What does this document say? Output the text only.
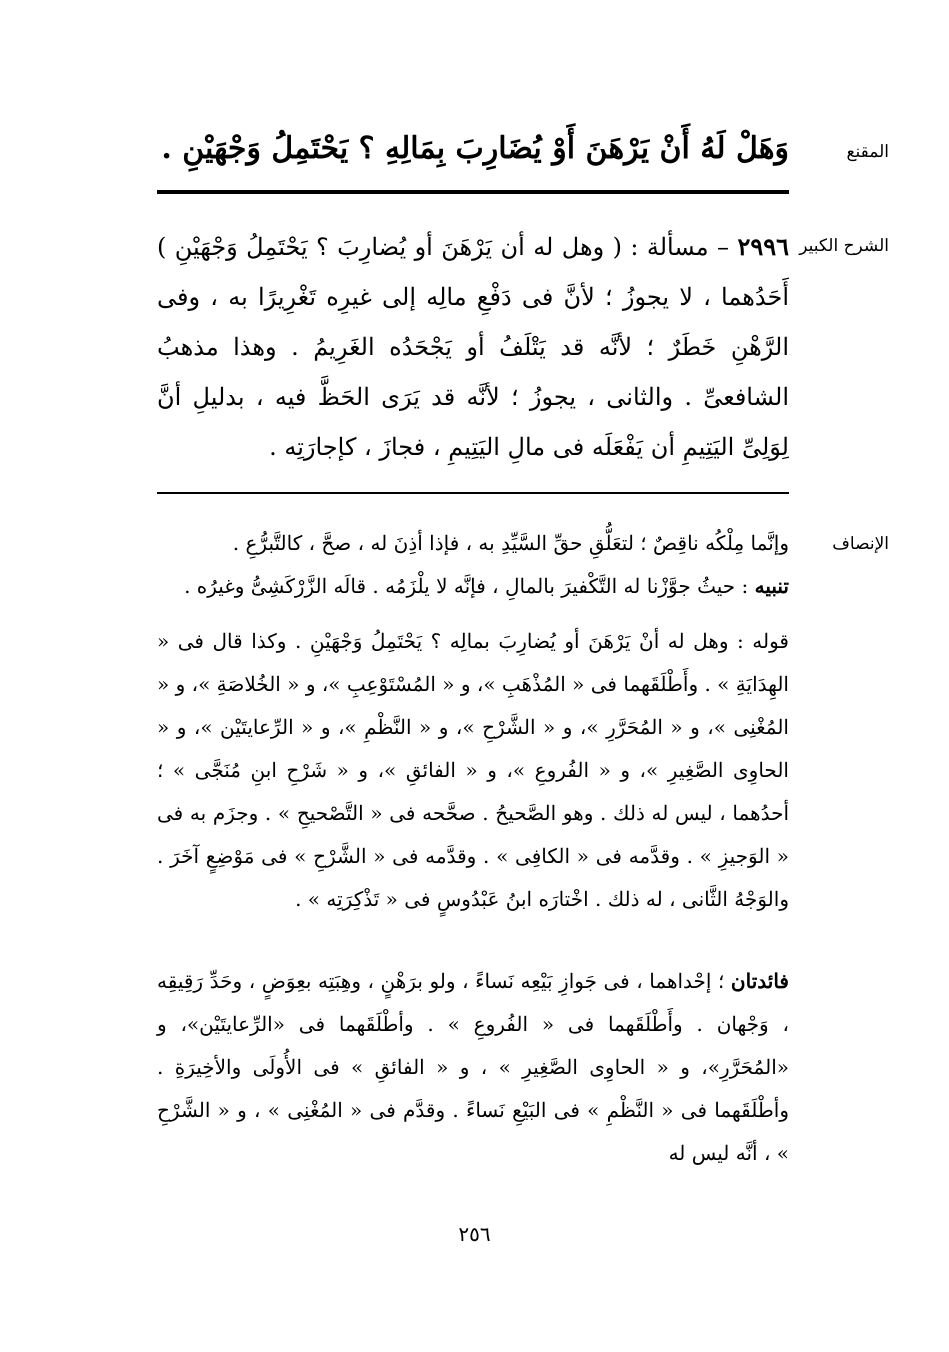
المقنع
وَهَلْ لَهُ أَنْ يَرْهَنَ أَوْ يُضَارِبَ بِمَالِهِ ؟ يَحْتَمِلُ وَجْهَيْنِ .
الشرح الكبير
٢٩٩٦ – مسألة : ( وهل له أن يَرْهَنَ أو يُضارِبَ ؟ يَحْتَمِلُ وَجْهَيْنِ ) أَحَدُهما ، لا يجوزُ ؛ لأنَّ فى دَفْعِ مالِه إلى غيرِه تَغْرِيرًا به ، وفى الرَّهْنِ خَطَرٌ ؛ لأنَّه قد يَتْلَفُ أو يَجْحَدُه الغَرِيمُ . وهذا مذهبُ الشافعىِّ . والثانى ، يجوزُ ؛ لأنَّه قد يَرَى الحَظَّ فيه ، بدليلِ أنَّ لِوَلِىِّ اليَتِيمِ أن يَفْعَلَه فى مالِ اليَتِيمِ ، فجازَ ، كإجارَتِه .
الإنصاف

وإنَّما مِلْكُه ناقِصٌ ؛ لتعَلُّقِ حقِّ السَّيِّدِ به ، فإذا أذِنَ له ، صحَّ ، كالتَّبرُّعِ .

تنبيه : حيثُ جوَّزْنا له التَّكْفيرَ بالمالِ ، فإنَّه لا يلْزَمُه . قالَه الزَّرْكَشِىُّ وغيرُه .

قوله : وهل له أنْ يَرْهَنَ أو يُضارِبَ بمالِه ؟ يَحْتَمِلُ وَجْهَيْنِ . وكذا قال فى « الهِدَايَةِ » . وأَطْلَقَهما فى « المُذْهَبِ »، و « المُسْتَوْعِبِ »، و « الخُلاصَةِ »، و « المُغْنِى »، و « المُحَرَّرِ »، و « الشَّرْحِ »، و « النَّظْمِ »، و « الرِّعايتَيْن »، و « الحاوِى الصَّغِيرِ »، و « الفُروعِ »، و « الفائقِ »، و « شَرْحِ ابنِ مُنَجَّى » ؛ أحدُهما ، ليس له ذلك . وهو الصَّحيحُ . صحَّحه فى « التَّصْحيحِ » . وجزَم به فى « الوَجيزِ » . وقدَّمه فى « الكافِى » . وقدَّمه فى « الشَّرْحِ » فى مَوْضِعٍ آخَرَ . والوَجْهُ الثَّانى ، له ذلك . اخْتارَه ابنُ عَبْدُوسٍ فى « تَذْكِرَتِه » .

فائدتان ؛ إحْداهما ، فى جَوازِ بَيْعِه نَساءً ، ولو برَهْنٍ ، وهِبَتِه بعِوَضٍ ، وحَدِّ رَقِيقِه ، وَجْهان . وأَطْلَقَهما فى « الفُروعِ » . وأطْلَقَهما فى «الرِّعايتَيْن»، و «المُحَرَّرِ»، و « الحاوِى الصَّغِيرِ » ، و « الفائقِ » فى الأُولَى والأخِيرَةِ . وأطْلَقَهما فى « النَّظْمِ » فى البَيْعِ نَساءً . وقدَّم فى « المُغْنِى » ، و « الشَّرْحِ » ، أنَّه ليس له
٢٥٦
